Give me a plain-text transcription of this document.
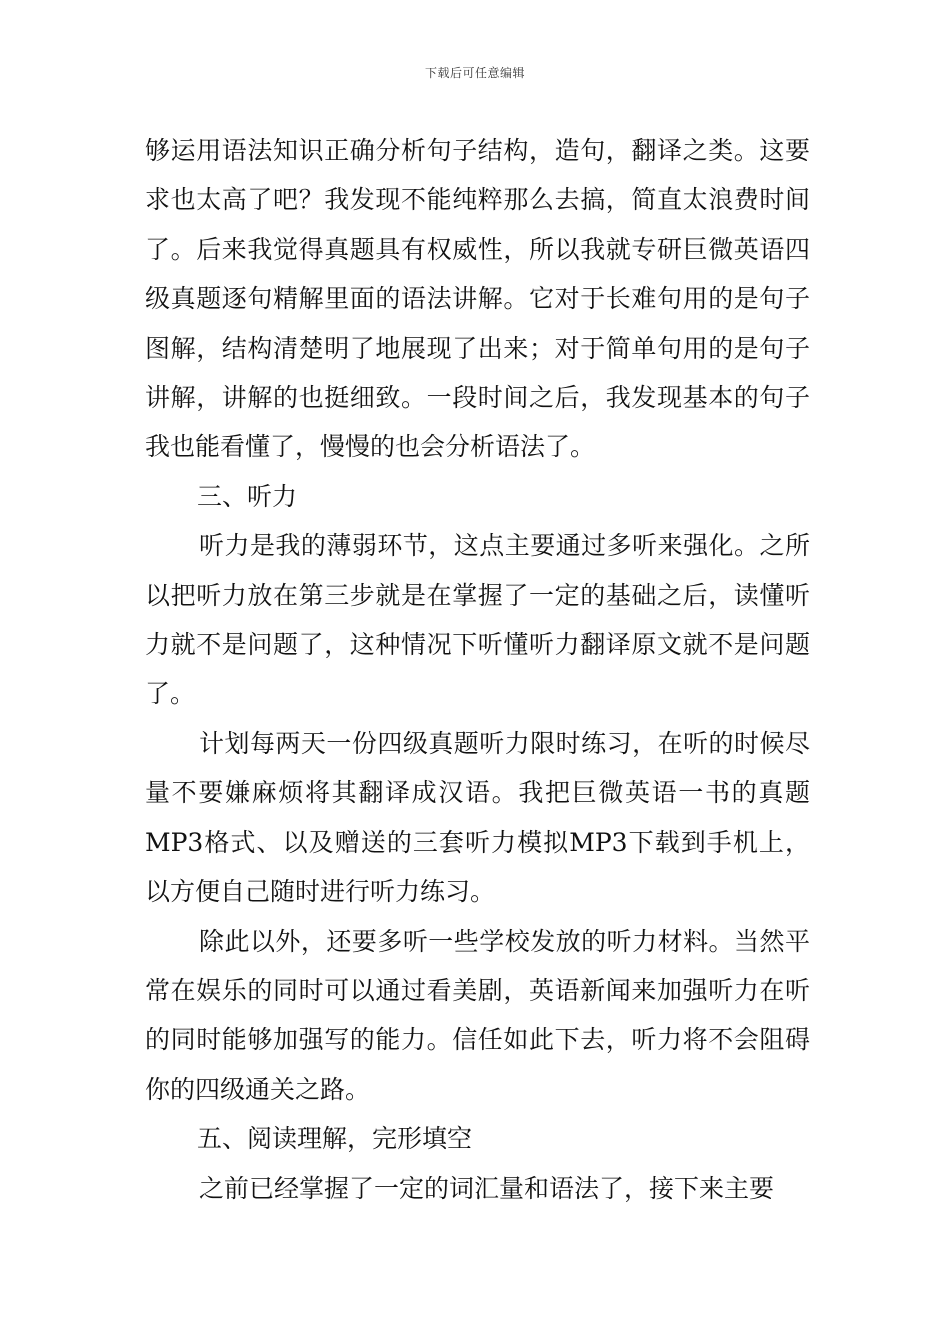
下载后可任意编辑

够运用语法知识正确分析句子结构，造句，翻译之类。这要求也太高了吧？我发现不能纯粹那么去搞，简直太浪费时间了。后来我觉得真题具有权威性，所以我就专研巨微英语四级真题逐句精解里面的语法讲解。它对于长难句用的是句子图解，结构清楚明了地展现了出来；对于简单句用的是句子讲解，讲解的也挺细致。一段时间之后，我发现基本的句子我也能看懂了，慢慢的也会分析语法了。

三、听力

听力是我的薄弱环节，这点主要通过多听来强化。之所以把听力放在第三步就是在掌握了一定的基础之后，读懂听力就不是问题了，这种情况下听懂听力翻译原文就不是问题了。

计划每两天一份四级真题听力限时练习，在听的时候尽量不要嫌麻烦将其翻译成汉语。我把巨微英语一书的真题MP3格式、以及赠送的三套听力模拟MP3下载到手机上，以方便自己随时进行听力练习。

除此以外，还要多听一些学校发放的听力材料。当然平常在娱乐的同时可以通过看美剧，英语新闻来加强听力在听的同时能够加强写的能力。信任如此下去，听力将不会阻碍你的四级通关之路。

五、阅读理解，完形填空

之前已经掌握了一定的词汇量和语法了，接下来主要
